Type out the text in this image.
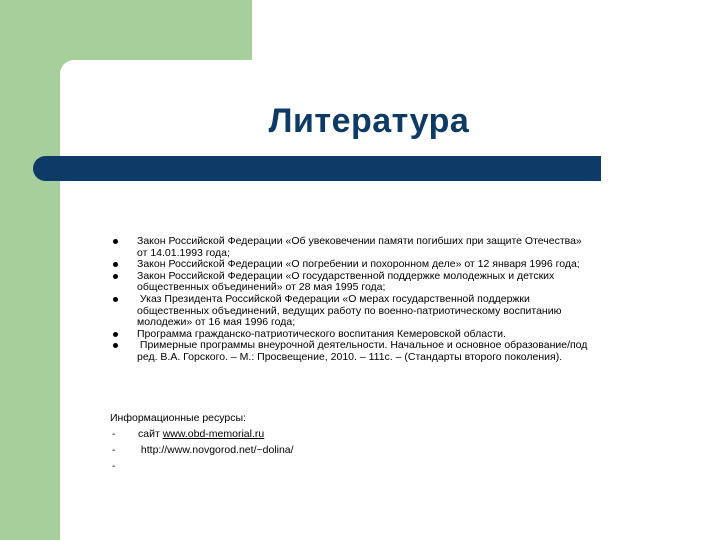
Литература
Закон Российской Федерации «Об увековечении памяти погибших при защите Отечества»
от 14.01.1993 года;
Закон Российской Федерации «О погребении и похоронном деле» от 12 января 1996 года;
Закон Российской Федерации «О государственной поддержке молодежных и детских
общественных объединений» от 28 мая 1995 года;
Указ Президента Российской Федерации «О мерах государственной поддержки
общественных объединений, ведущих работу по военно-патриотическому воспитанию
молодежи» от 16 мая 1996 года;
Программа гражданско-патриотического воспитания Кемеровской области.
Примерные программы внеурочной деятельности. Начальное и основное образование/под
ред. В.А. Горского. – М.: Просвещение, 2010. – 111с. – (Стандарты второго поколения).
Информационные ресурсы:
- сайт www.obd-memorial.ru
- http://www.novgorod.net/~dolina/
-
